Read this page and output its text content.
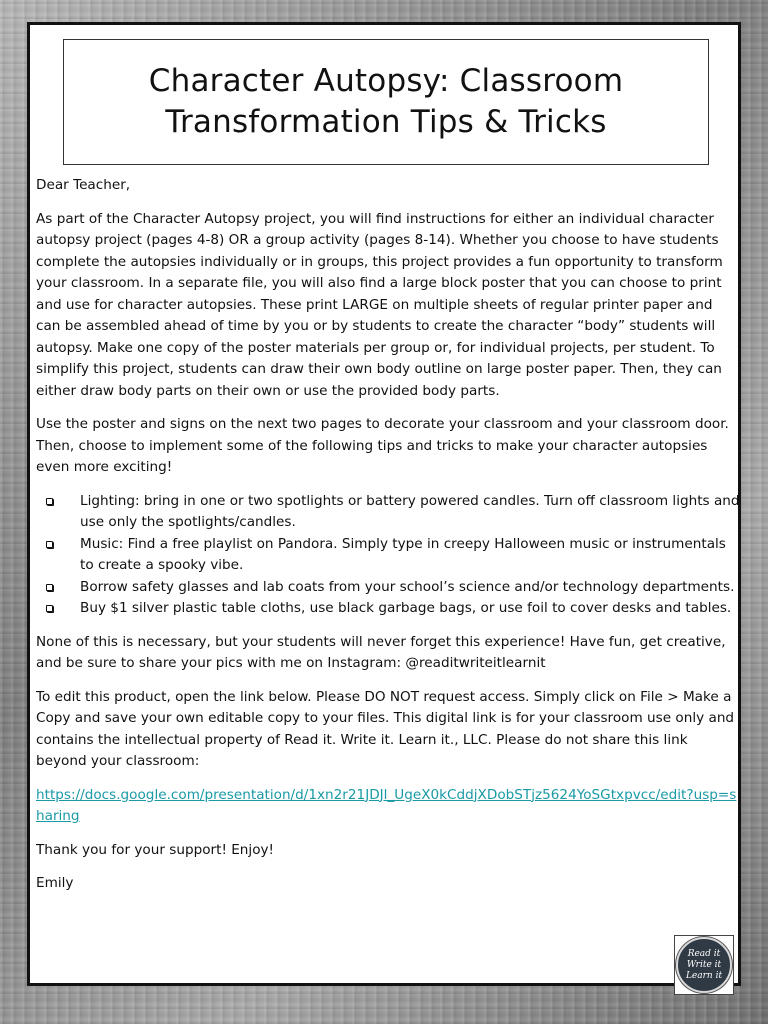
Character Autopsy: Classroom
Transformation Tips & Tricks

Dear Teacher,

As part of the Character Autopsy project, you will find instructions for either an individual character autopsy project (pages 4-8) OR a group activity (pages 8-14). Whether you choose to have students complete the autopsies individually or in groups, this project provides a fun opportunity to transform your classroom. In a separate file, you will also find a large block poster that you can choose to print and use for character autopsies. These print LARGE on multiple sheets of regular printer paper and can be assembled ahead of time by you or by students to create the character “body” students will autopsy. Make one copy of the poster materials per group or, for individual projects, per student. To simplify this project, students can draw their own body outline on large poster paper. Then, they can either draw body parts on their own or use the provided body parts.

Use the poster and signs on the next two pages to decorate your classroom and your classroom door. Then, choose to implement some of the following tips and tricks to make your character autopsies even more exciting!

Lighting: bring in one or two spotlights or battery powered candles. Turn off classroom lights and use only the spotlights/candles.
Music: Find a free playlist on Pandora. Simply type in creepy Halloween music or instrumentals to create a spooky vibe.
Borrow safety glasses and lab coats from your school’s science and/or technology departments.
Buy $1 silver plastic table cloths, use black garbage bags, or use foil to cover desks and tables.

None of this is necessary, but your students will never forget this experience! Have fun, get creative, and be sure to share your pics with me on Instagram: @readitwriteitlearnit

To edit this product, open the link below. Please DO NOT request access. Simply click on File > Make a Copy and save your own editable copy to your files. This digital link is for your classroom use only and contains the intellectual property of Read it. Write it. Learn it., LLC. Please do not share this link beyond your classroom:

https://docs.google.com/presentation/d/1xn2r21JDJl_UgeX0kCddjXDobSTjz5624YoSGtxpvcc/edit?usp=sharing

Thank you for your support! Enjoy!

Emily

Read it
Write it
Learn it
